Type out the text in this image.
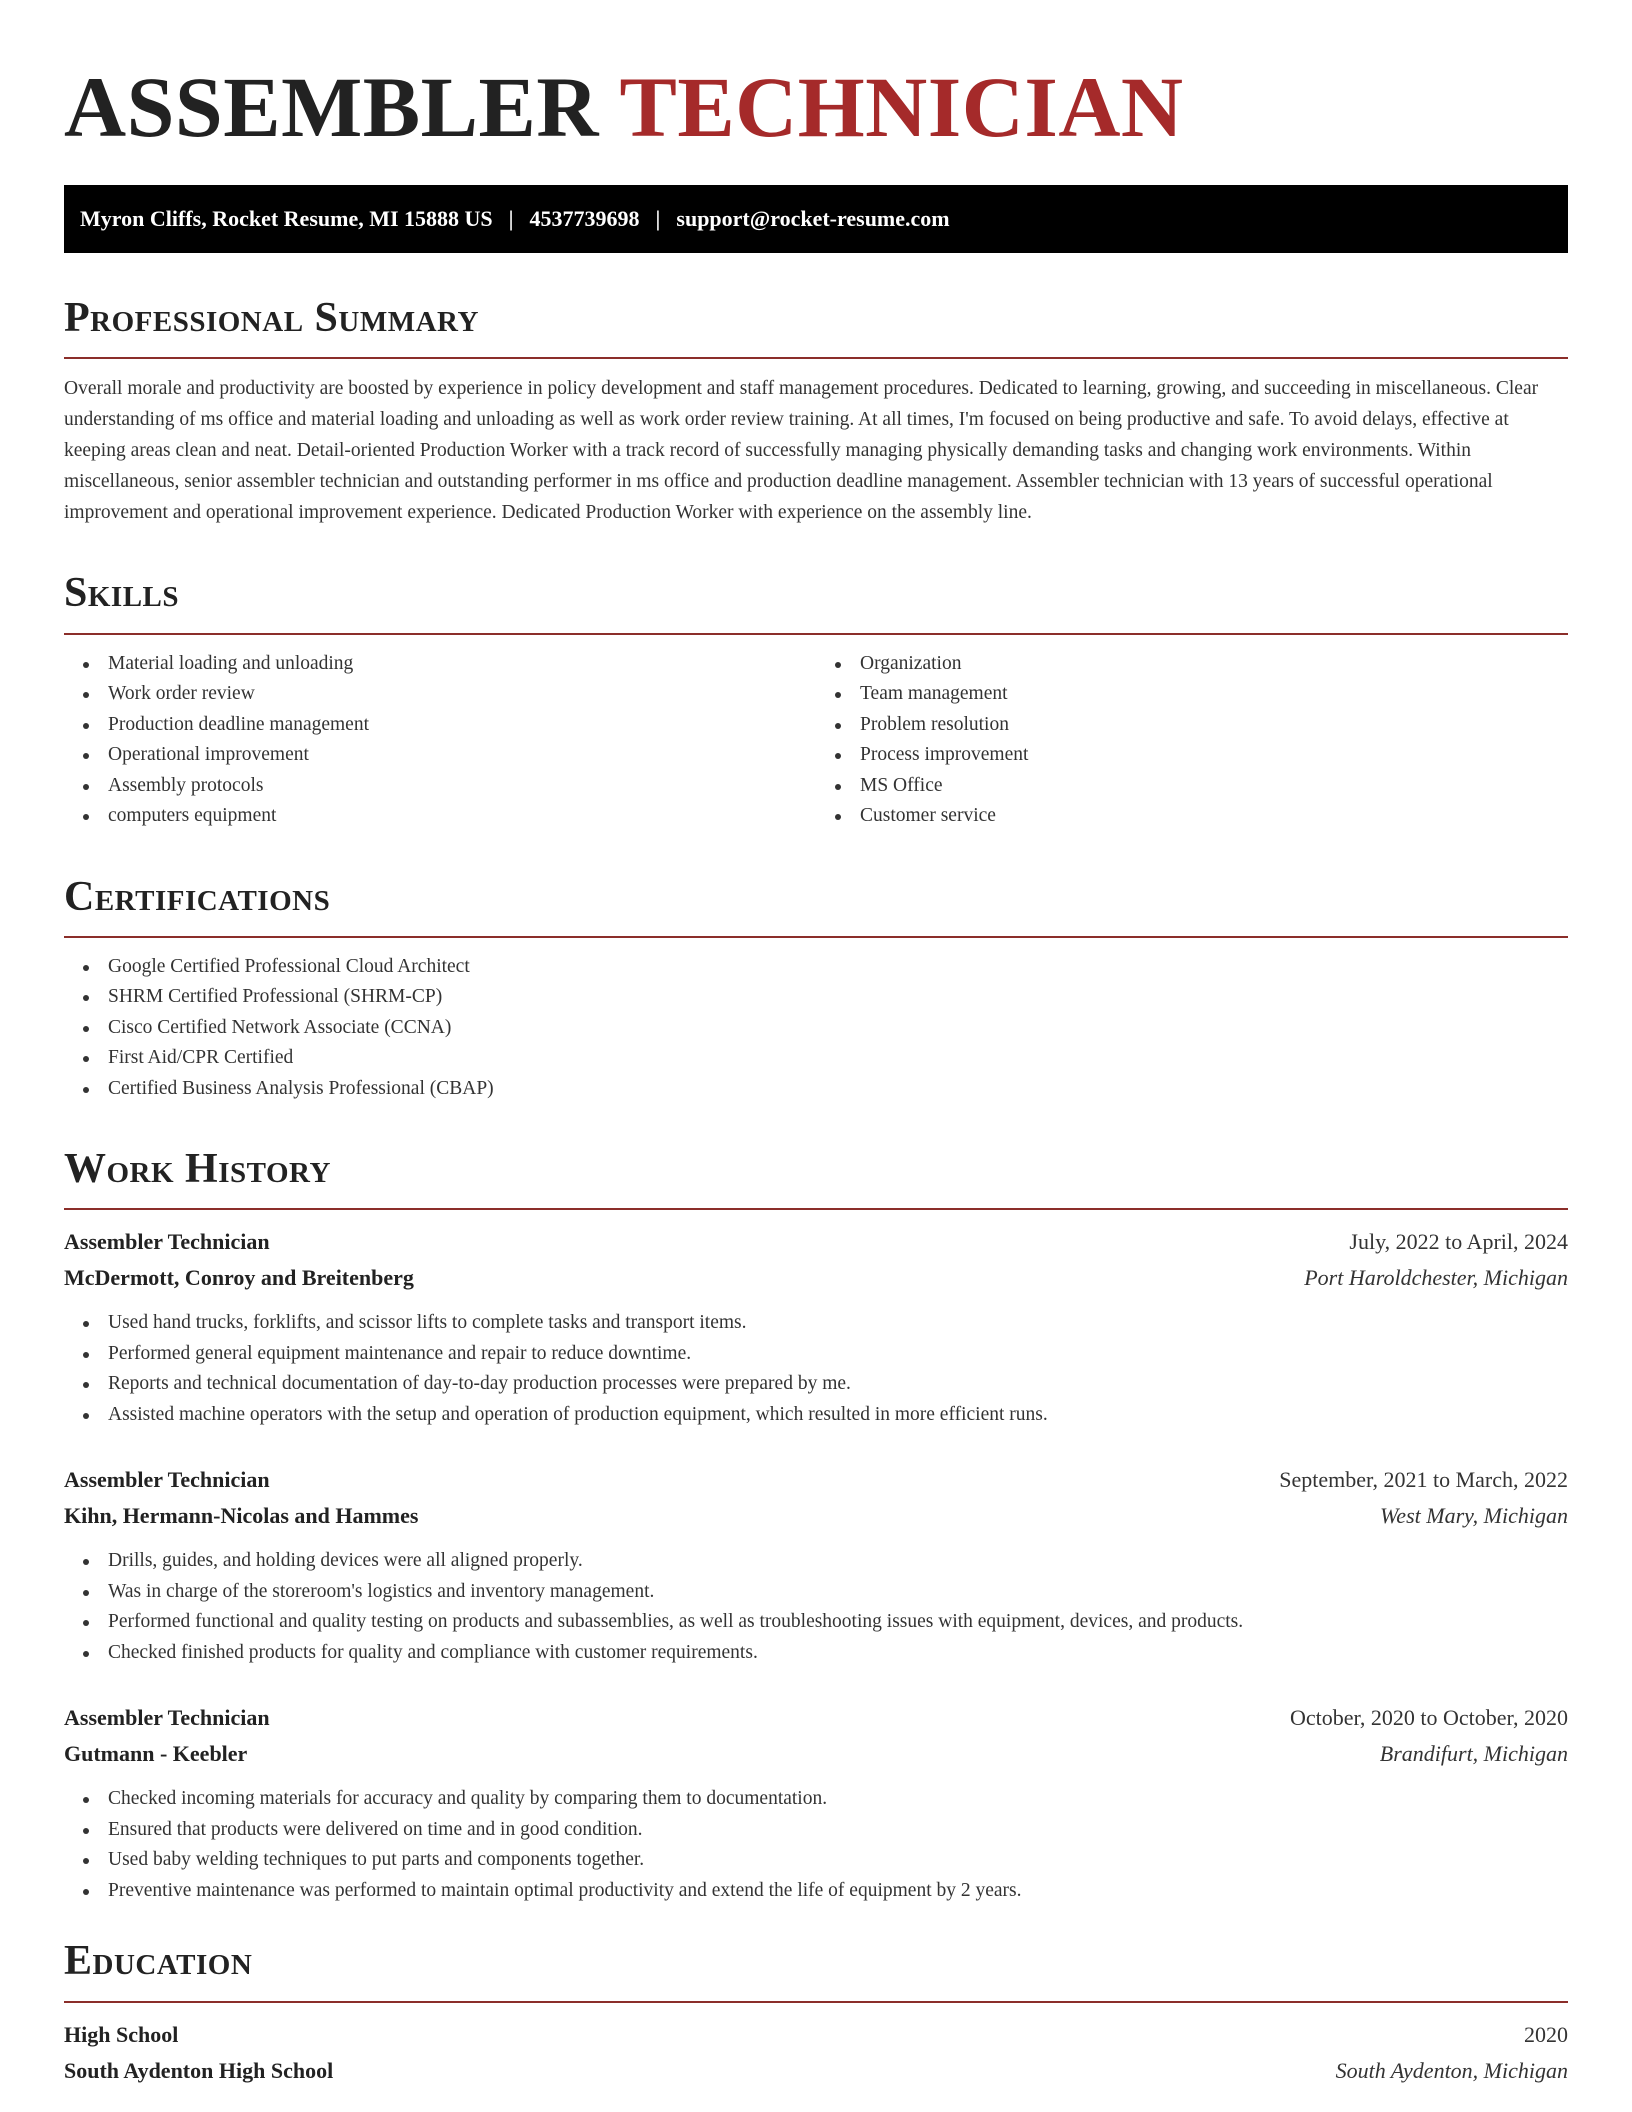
ASSEMBLER TECHNICIAN
Myron Cliffs, Rocket Resume, MI 15888 US | 4537739698 | support@rocket-resume.com
Professional Summary

Overall morale and productivity are boosted by experience in policy development and staff management procedures. Dedicated to learning, growing, and succeeding in miscellaneous. Clear understanding of ms office and material loading and unloading as well as work order review training. At all times, I'm focused on being productive and safe. To avoid delays, effective at keeping areas clean and neat. Detail-oriented Production Worker with a track record of successfully managing physically demanding tasks and changing work environments. Within miscellaneous, senior assembler technician and outstanding performer in ms office and production deadline management. Assembler technician with 13 years of successful operational improvement and operational improvement experience. Dedicated Production Worker with experience on the assembly line.

Skills
Material loading and unloading
Work order review
Production deadline management
Operational improvement
Assembly protocols
computers equipment
Organization
Team management
Problem resolution
Process improvement
MS Office
Customer service
Certifications
Google Certified Professional Cloud Architect
SHRM Certified Professional (SHRM-CP)
Cisco Certified Network Associate (CCNA)
First Aid/CPR Certified
Certified Business Analysis Professional (CBAP)
Work History
Assembler Technician	July, 2022 to April, 2024
McDermott, Conroy and Breitenberg	Port Haroldchester, Michigan
Used hand trucks, forklifts, and scissor lifts to complete tasks and transport items.
Performed general equipment maintenance and repair to reduce downtime.
Reports and technical documentation of day-to-day production processes were prepared by me.
Assisted machine operators with the setup and operation of production equipment, which resulted in more efficient runs.
Assembler Technician	September, 2021 to March, 2022
Kihn, Hermann-Nicolas and Hammes	West Mary, Michigan
Drills, guides, and holding devices were all aligned properly.
Was in charge of the storeroom's logistics and inventory management.
Performed functional and quality testing on products and subassemblies, as well as troubleshooting issues with equipment, devices, and products.
Checked finished products for quality and compliance with customer requirements.
Assembler Technician	October, 2020 to October, 2020
Gutmann - Keebler	Brandifurt, Michigan
Checked incoming materials for accuracy and quality by comparing them to documentation.
Ensured that products were delivered on time and in good condition.
Used baby welding techniques to put parts and components together.
Preventive maintenance was performed to maintain optimal productivity and extend the life of equipment by 2 years.
Education
High School	2020
South Aydenton High School	South Aydenton, Michigan
